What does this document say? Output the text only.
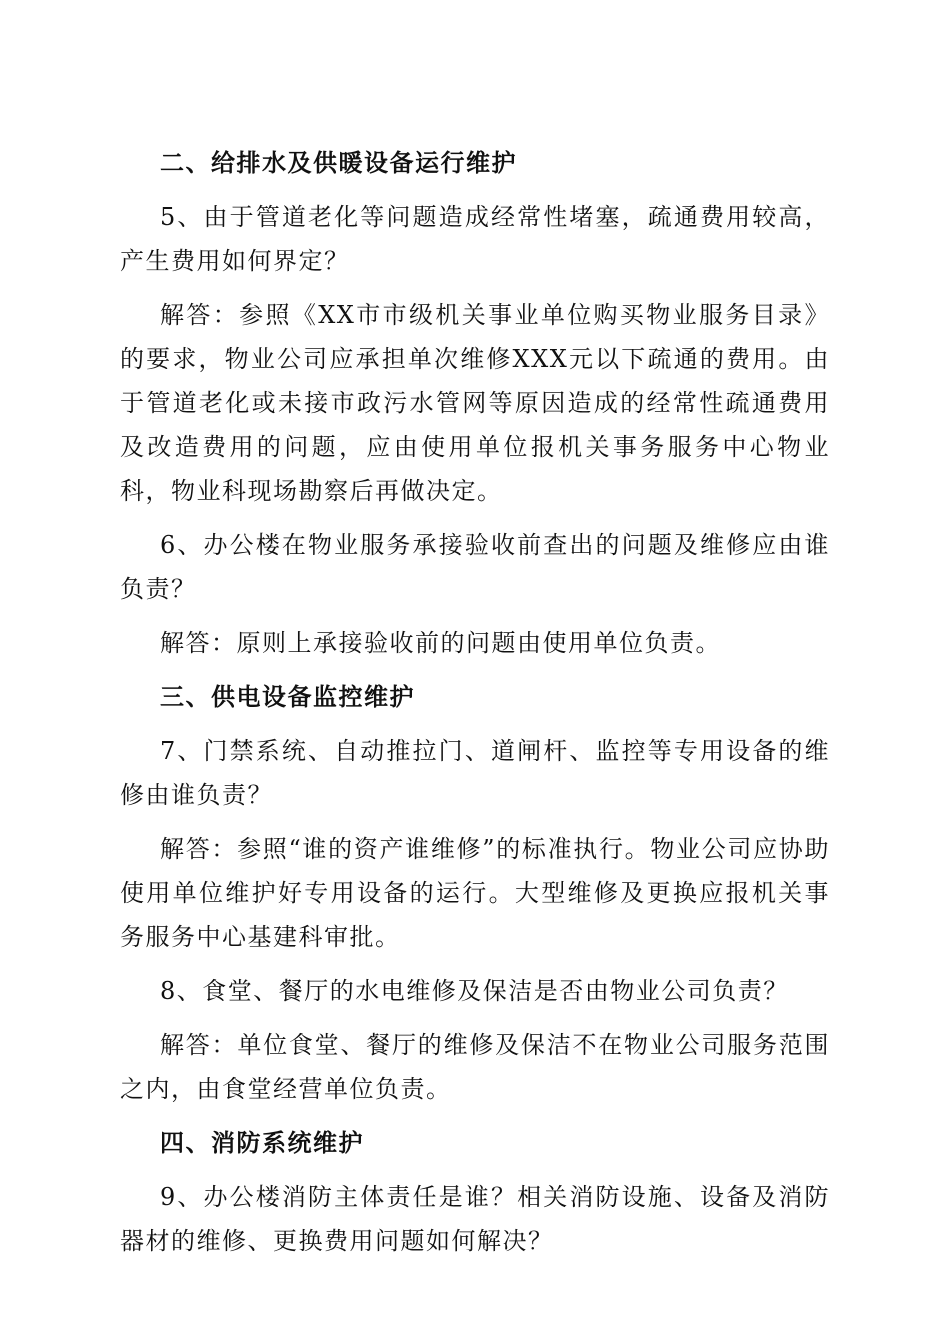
二、给排水及供暖设备运行维护
5、由于管道老化等问题造成经常性堵塞，疏通费用较高，产生费用如何界定？
解答：参照《XX市市级机关事业单位购买物业服务目录》的要求，物业公司应承担单次维修XXX元以下疏通的费用。由于管道老化或未接市政污水管网等原因造成的经常性疏通费用及改造费用的问题，应由使用单位报机关事务服务中心物业科，物业科现场勘察后再做决定。
6、办公楼在物业服务承接验收前查出的问题及维修应由谁负责？
解答：原则上承接验收前的问题由使用单位负责。
三、供电设备监控维护
7、门禁系统、自动推拉门、道闸杆、监控等专用设备的维修由谁负责？
解答：参照“谁的资产谁维修”的标准执行。物业公司应协助使用单位维护好专用设备的运行。大型维修及更换应报机关事务服务中心基建科审批。
8、食堂、餐厅的水电维修及保洁是否由物业公司负责？
解答：单位食堂、餐厅的维修及保洁不在物业公司服务范围之内，由食堂经营单位负责。
四、消防系统维护
9、办公楼消防主体责任是谁？相关消防设施、设备及消防器材的维修、更换费用问题如何解决？
